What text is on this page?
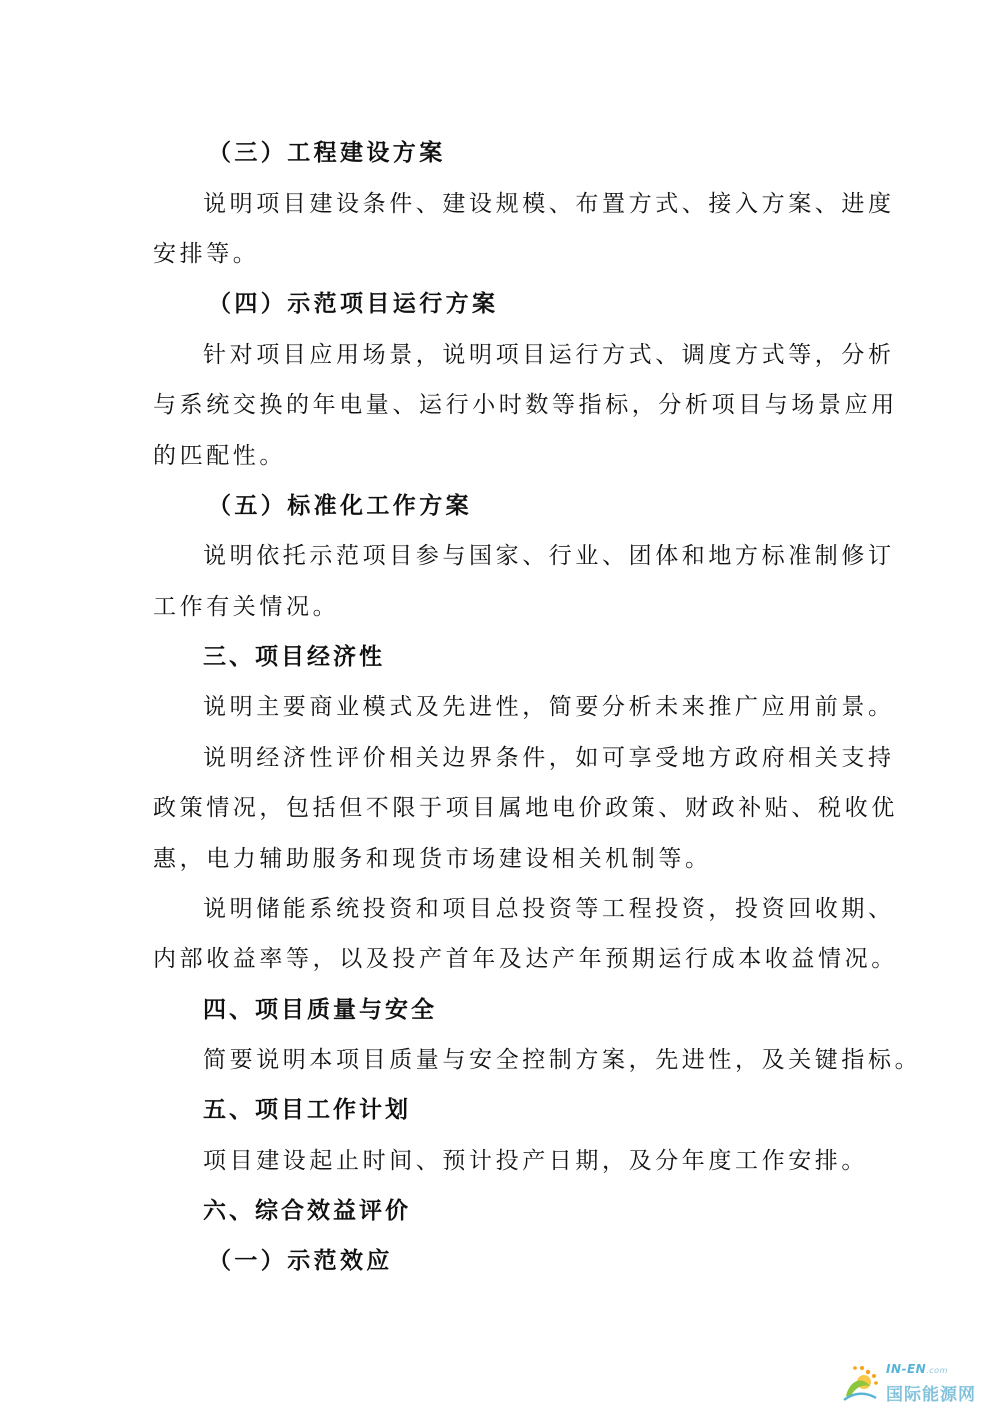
（三）工程建设方案
说明项目建设条件、建设规模、布置方式、接入方案、进度
安排等。
（四）示范项目运行方案
针对项目应用场景，说明项目运行方式、调度方式等，分析
与系统交换的年电量、运行小时数等指标，分析项目与场景应用
的匹配性。
（五）标准化工作方案
说明依托示范项目参与国家、行业、团体和地方标准制修订
工作有关情况。
三、项目经济性
说明主要商业模式及先进性，简要分析未来推广应用前景。
说明经济性评价相关边界条件，如可享受地方政府相关支持
政策情况，包括但不限于项目属地电价政策、财政补贴、税收优
惠，电力辅助服务和现货市场建设相关机制等。
说明储能系统投资和项目总投资等工程投资，投资回收期、
内部收益率等，以及投产首年及达产年预期运行成本收益情况。
四、项目质量与安全
简要说明本项目质量与安全控制方案，先进性，及关键指标。
五、项目工作计划
项目建设起止时间、预计投产日期，及分年度工作安排。
六、综合效益评价
（一）示范效应
IN-EN.com
国际能源网
